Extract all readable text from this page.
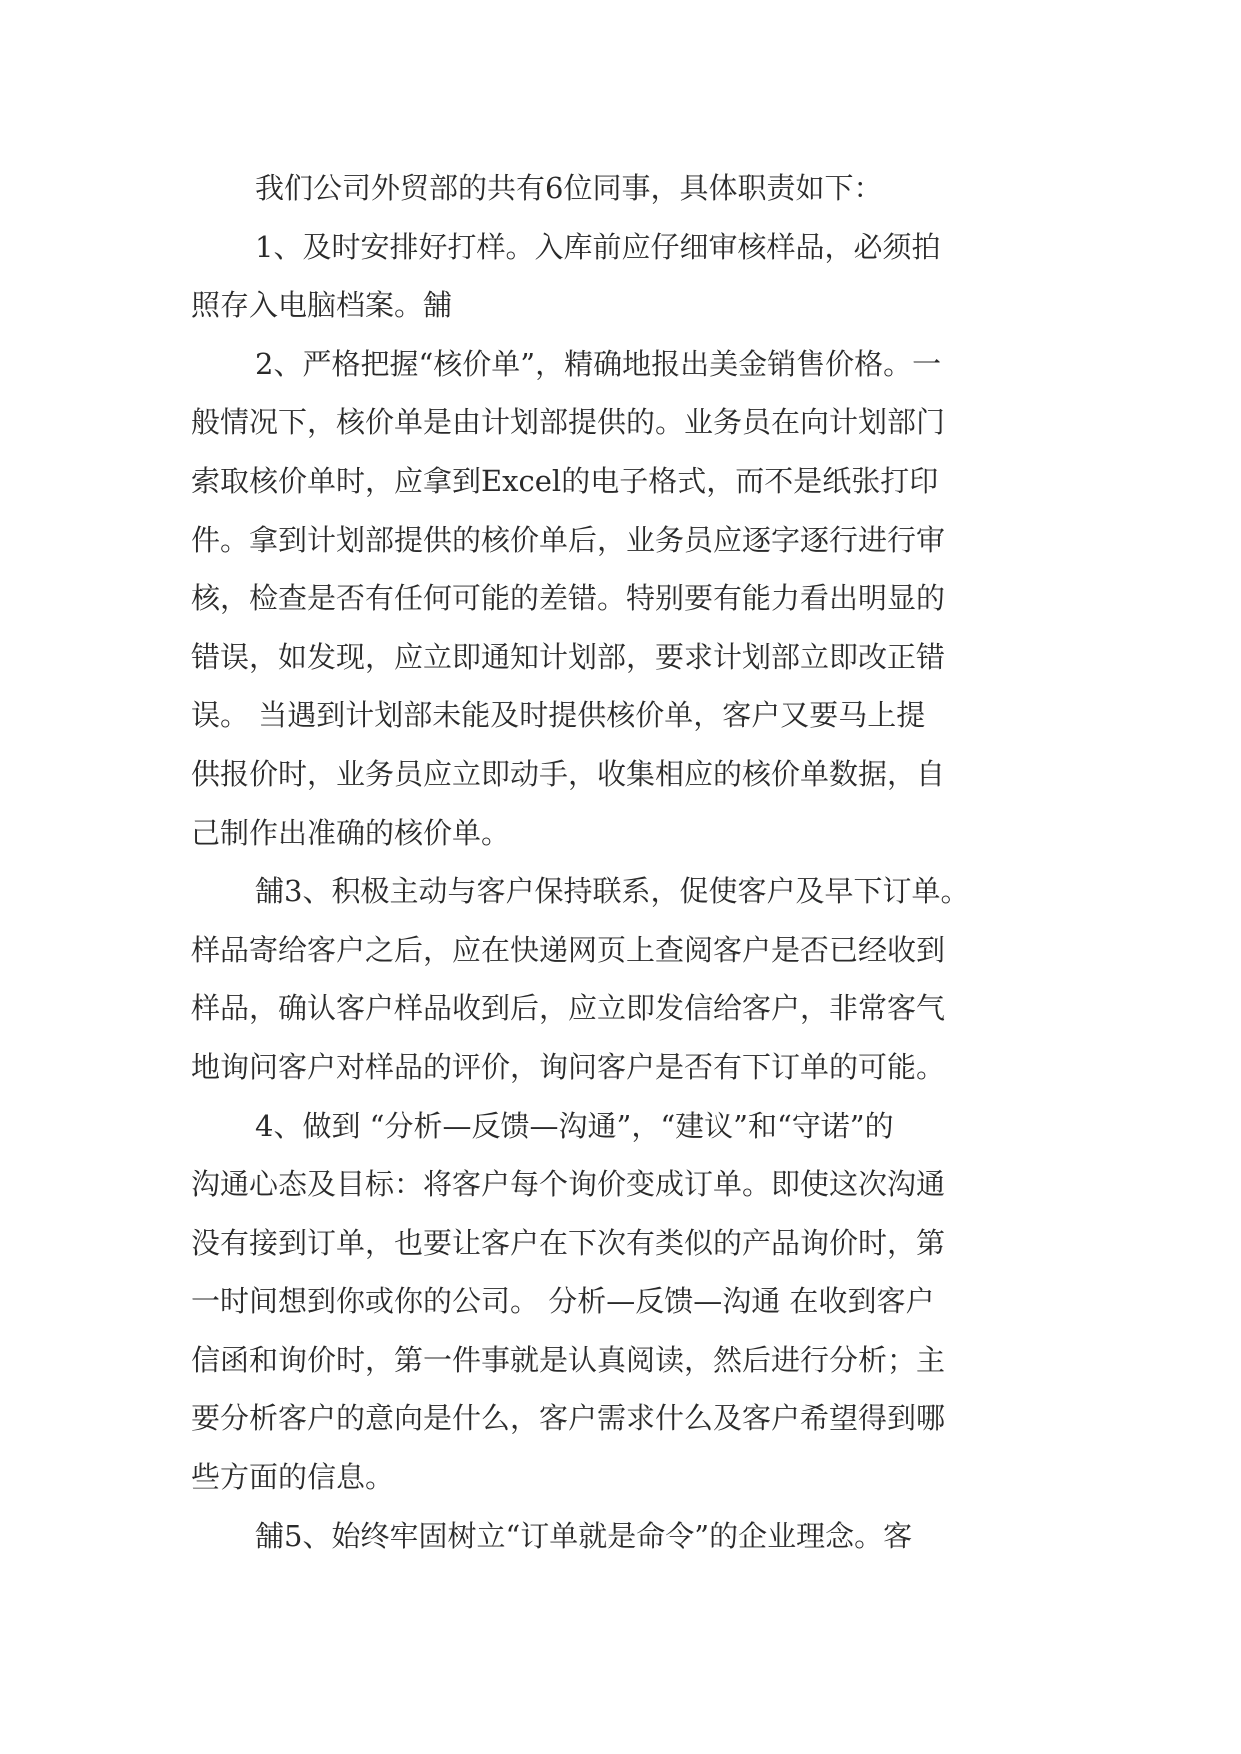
我们公司外贸部的共有6位同事，具体职责如下：
1、及时安排好打样。入库前应仔细审核样品，必须拍
照存入电脑档案。舗
2、严格把握“核价单”，精确地报出美金销售价格。一
般情况下，核价单是由计划部提供的。业务员在向计划部门
索取核价单时，应拿到Excel的电子格式，而不是纸张打印
件。拿到计划部提供的核价单后，业务员应逐字逐行进行审
核，检查是否有任何可能的差错。特别要有能力看出明显的
错误，如发现，应立即通知计划部，要求计划部立即改正错
误。 当遇到计划部未能及时提供核价单，客户又要马上提
供报价时，业务员应立即动手，收集相应的核价单数据，自
己制作出准确的核价单。
舗3、积极主动与客户保持联系，促使客户及早下订单。
样品寄给客户之后，应在快递网页上查阅客户是否已经收到
样品，确认客户样品收到后，应立即发信给客户，非常客气
地询问客户对样品的评价，询问客户是否有下订单的可能。
4、做到 “分析—反馈—沟通”，“建议”和“守诺”的
沟通心态及目标：将客户每个询价变成订单。即使这次沟通
没有接到订单，也要让客户在下次有类似的产品询价时，第
一时间想到你或你的公司。 分析—反馈—沟通 在收到客户
信函和询价时，第一件事就是认真阅读，然后进行分析；主
要分析客户的意向是什么，客户需求什么及客户希望得到哪
些方面的信息。
舗5、始终牢固树立“订单就是命令”的企业理念。客
